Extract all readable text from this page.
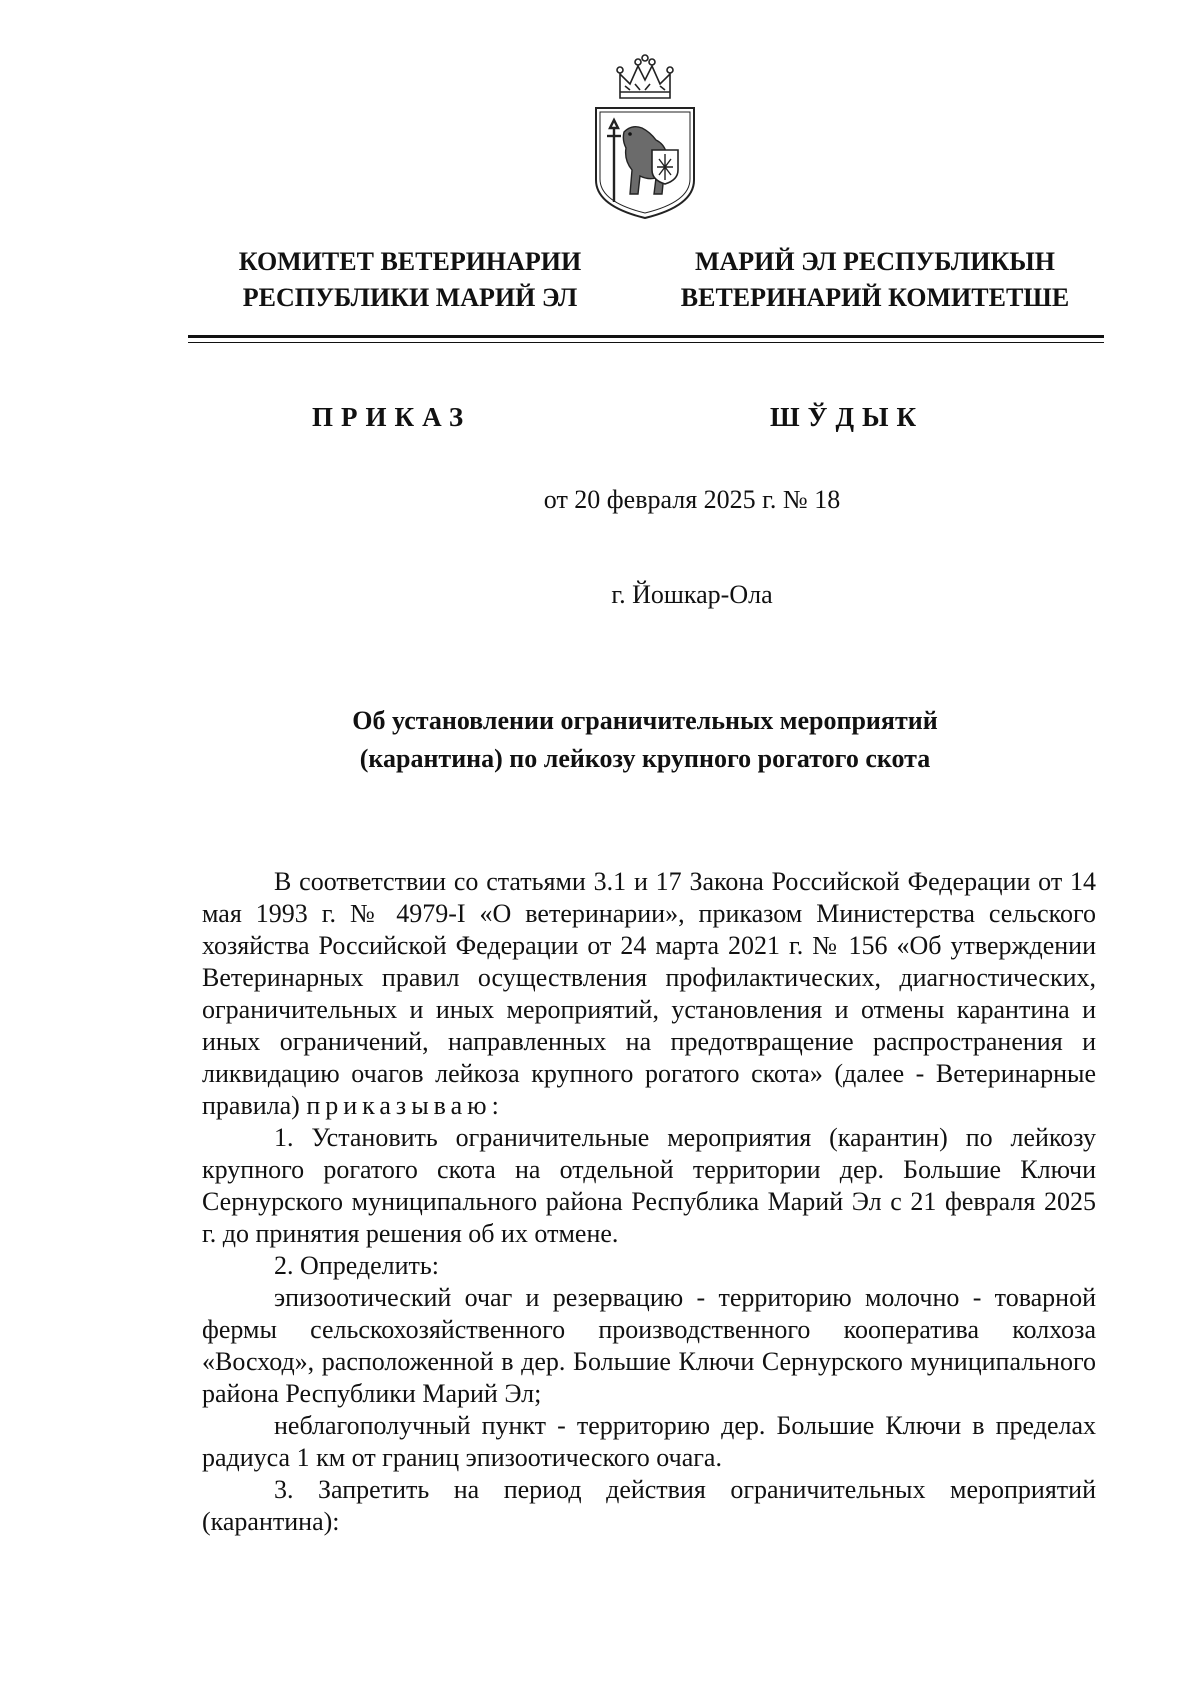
КОМИТЕТ ВЕТЕРИНАРИИ
РЕСПУБЛИКИ МАРИЙ ЭЛ
МАРИЙ ЭЛ РЕСПУБЛИКЫН
ВЕТЕРИНАРИЙ КОМИТЕТШЕ
ПРИКАЗ	ШЎДЫК
от 20 февраля 2025 г. № 18
г. Йошкар-Ола
Об установлении ограничительных мероприятий
(карантина) по лейкозу крупного рогатого скота

В соответствии со статьями 3.1 и 17 Закона Российской Федерации от 14 мая 1993 г. № 4979-I «О ветеринарии», приказом Министерства сельского хозяйства Российской Федерации от 24 марта 2021 г. № 156 «Об утверждении Ветеринарных правил осуществления профилактических, диагностических, ограничительных и иных мероприятий, установления и отмены карантина и иных ограничений, направленных на предотвращение распространения и ликвидацию очагов лейкоза крупного рогатого скота» (далее - Ветеринарные правила) приказываю:

1. Установить ограничительные мероприятия (карантин) по лейкозу крупного рогатого скота на отдельной территории дер. Большие Ключи Сернурского муниципального района Республика Марий Эл с 21 февраля 2025 г. до принятия решения об их отмене.

2. Определить:

эпизоотический очаг и резервацию - территорию молочно - товарной фермы сельскохозяйственного производственного кооператива колхоза «Восход», расположенной в дер. Большие Ключи Сернурского муниципального района Республики Марий Эл;

неблагополучный пункт - территорию дер. Большие Ключи в пределах радиуса 1 км от границ эпизоотического очага.

3. Запретить на период действия ограничительных мероприятий (карантина):
